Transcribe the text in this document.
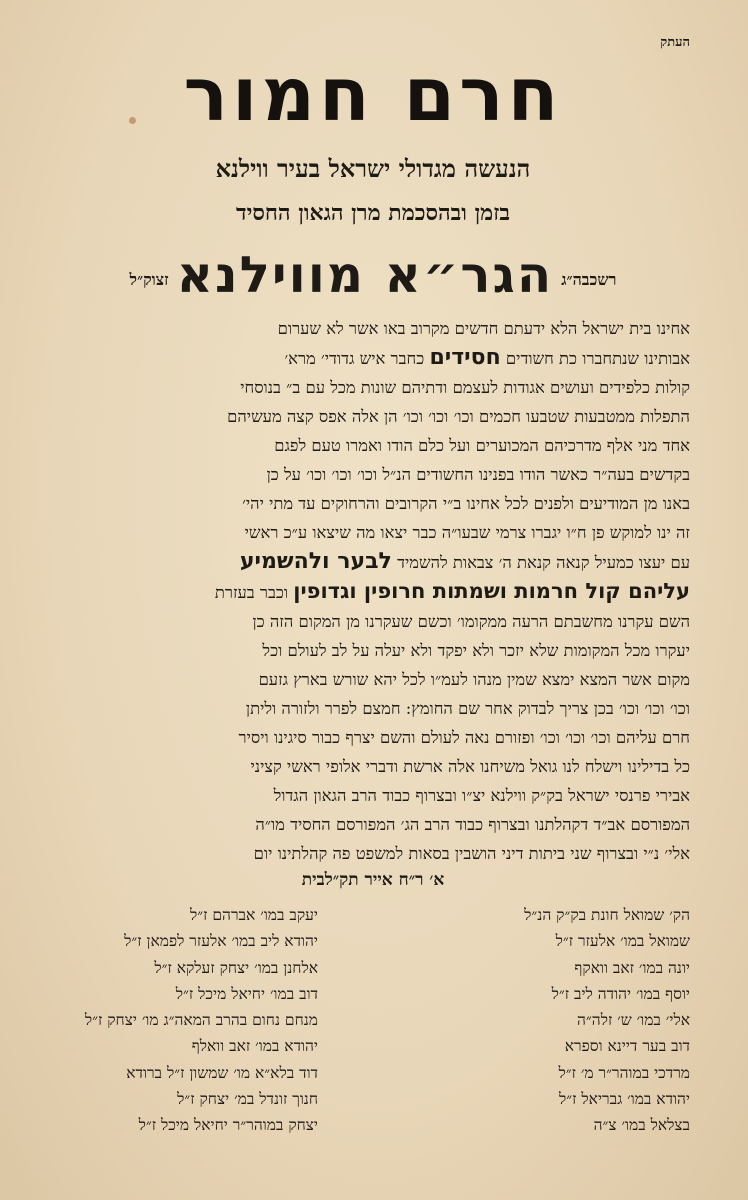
העתק
חרם חמור
הנעשה מגדולי ישראל בעיר ווילנא
בזמן ובהסכמת מרן הגאון החסיד
רשכבה״ג
הגר״א מווילנא
זצוק״ל
אחינו בית ישראל הלא ידעתם חדשים מקרוב באו אשר לא שערום
אבותינו שנתחברו כת חשודים חסידים כחבר איש גדודי׳ מרא׳
קולות כלפידים ועושים אגודות לעצמם ודתיהם שונות מכל עם ב״ בנוסחי
התפלות ממטבעות שטבעו חכמים וכו׳ וכו׳ וכו׳ הן אלה אפס קצה מעשיהם
אחד מני אלף מדרכיהם המכוערים ועל כלם הודו ואמרו טעם לפגם
בקדשים בעה״ר כאשר הודו בפנינו החשודים הנ״ל וכו׳ וכו׳ וכו׳ על כן
באנו מן המודיעים ולפנים לכל אחינו ב״י הקרובים והרחוקים עד מתי יהי׳
זה ינו למוקש פן ח״ו יגברו צרמי שבעו״ה כבר יצאו מה שיצאו ע״כ ראשי
עם יעצו כמעיל קנאה קנאת ה׳ צבאות להשמיד לבער ולהשמיע
עליהם קול חרמות ושמתות חרופין וגדופין וכבר בעזרת
השם עקרנו מחשבתם הרעה ממקומו׳ וכשם שעקרנו מן המקום הזה כן
יעקרו מכל המקומות שלא יזכר ולא יפקד ולא יעלה על לב לעולם וכל
מקום אשר המצא ימצא שמין מנהו לעמ״ו לכל יהא שורש בארץ גזעם
וכו׳ וכו׳ וכו׳ בכן צריך לבדוק אחר שם החומץ: חמצם לפרר ולזורה וליתן
חרם עליהם וכו׳ וכו׳ וכו׳ ופזורם נאה לעולם והשם יצרף כבור סיגינו ויסיר
כל בדילינו וישלח לנו גואל משיחנו אלה ארשת ודברי אלופי ראשי קציני
אבירי פרנסי ישראל בק״ק ווילנא יצ״ו ובצרוף כבוד הרב הגאון הגדול
המפורסם אב״ד דקהלתנו ובצרוף כבוד הרב הג׳ המפורסם החסיד מו״ה
אלי׳ נ״י ובצרוף שני ביתות דיני הושבין בסאות למשפט פה קהלתינו יום
א׳ ר״ח אייר תק״לבית
הק׳ שמואל חונת בק״ק הנ״ל
שמואל במו׳ אלעזר ז״ל
יונה במו׳ זאב וואקף
יוסף במו׳ יהודה ליב ז״ל
אלי׳ במו׳ ש׳ זלה״ה
דוב בער דיינא וספרא
מרדכי במוהר״ר מ׳ ז״ל
יהודא במו׳ גבריאל ז״ל
בצלאל במו׳ צ״ה
יעקב במו׳ אברהם ז״ל
יהודא ליב במו׳ אלעזר לפמאן ז״ל
אלחנן במו׳ יצחק זעלקא ז״ל
דוב במו׳ יחיאל מיכל ז״ל
מנחם נחום בהרב המאה״ג מו׳ יצחק ז״ל
יהודא במו׳ זאב וואלף
דוד בלא״א מו׳ שמשון ז״ל ברודא
חנוך זונדל במ׳ יצחק ז״ל
יצחק במוהר״ר יחיאל מיכל ז״ל
